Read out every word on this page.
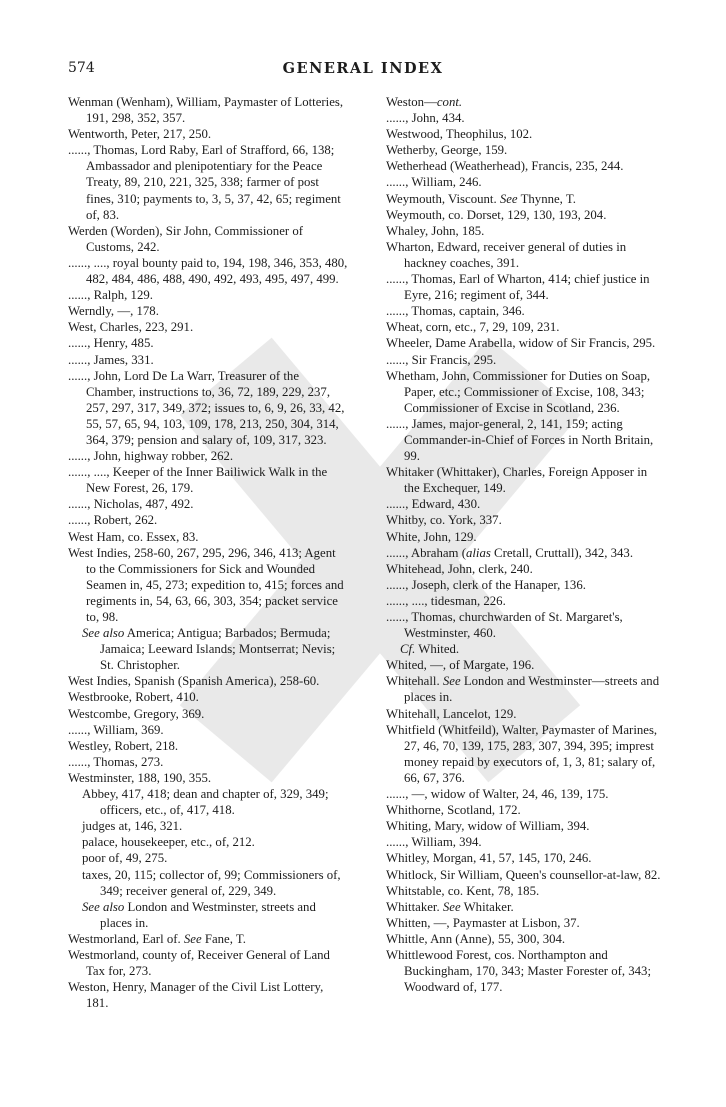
574	GENERAL INDEX

Wenman (Wenham), William, Paymaster of Lotteries, 191, 298, 352, 357.

Wentworth, Peter, 217, 250.

......, Thomas, Lord Raby, Earl of Strafford, 66, 138; Ambassador and plenipotentiary for the Peace Treaty, 89, 210, 221, 325, 338; farmer of post fines, 310; payments to, 3, 5, 37, 42, 65; regiment of, 83.

Werden (Worden), Sir John, Commissioner of Customs, 242.

......, ...., royal bounty paid to, 194, 198, 346, 353, 480, 482, 484, 486, 488, 490, 492, 493, 495, 497, 499.

......, Ralph, 129.

Werndly, —, 178.

West, Charles, 223, 291.

......, Henry, 485.

......, James, 331.

......, John, Lord De La Warr, Treasurer of the Chamber, instructions to, 36, 72, 189, 229, 237, 257, 297, 317, 349, 372; issues to, 6, 9, 26, 33, 42, 55, 57, 65, 94, 103, 109, 178, 213, 250, 304, 314, 364, 379; pension and salary of, 109, 317, 323.

......, John, highway robber, 262.

......, ...., Keeper of the Inner Bailiwick Walk in the New Forest, 26, 179.

......, Nicholas, 487, 492.

......, Robert, 262.

West Ham, co. Essex, 83.

West Indies, 258-60, 267, 295, 296, 346, 413; Agent to the Commissioners for Sick and Wounded Seamen in, 45, 273; expedition to, 415; forces and regiments in, 54, 63, 66, 303, 354; packet service to, 98.

See also America; Antigua; Barbados; Bermuda; Jamaica; Leeward Islands; Montserrat; Nevis; St. Christopher.

West Indies, Spanish (Spanish America), 258-60.

Westbrooke, Robert, 410.

Westcombe, Gregory, 369.

......, William, 369.

Westley, Robert, 218.

......, Thomas, 273.

Westminster, 188, 190, 355.

Abbey, 417, 418; dean and chapter of, 329, 349; officers, etc., of, 417, 418.

judges at, 146, 321.

palace, housekeeper, etc., of, 212.

poor of, 49, 275.

taxes, 20, 115; collector of, 99; Commissioners of, 349; receiver general of, 229, 349.

See also London and Westminster, streets and places in.

Westmorland, Earl of. See Fane, T.

Westmorland, county of, Receiver General of Land Tax for, 273.

Weston, Henry, Manager of the Civil List Lottery, 181.

Weston—cont.

......, John, 434.

Westwood, Theophilus, 102.

Wetherby, George, 159.

Wetherhead (Weatherhead), Francis, 235, 244.

......, William, 246.

Weymouth, Viscount. See Thynne, T.

Weymouth, co. Dorset, 129, 130, 193, 204.

Whaley, John, 185.

Wharton, Edward, receiver general of duties in hackney coaches, 391.

......, Thomas, Earl of Wharton, 414; chief justice in Eyre, 216; regiment of, 344.

......, Thomas, captain, 346.

Wheat, corn, etc., 7, 29, 109, 231.

Wheeler, Dame Arabella, widow of Sir Francis, 295.

......, Sir Francis, 295.

Whetham, John, Commissioner for Duties on Soap, Paper, etc.; Commissioner of Excise, 108, 343; Commissioner of Excise in Scotland, 236.

......, James, major-general, 2, 141, 159; acting Commander-in-Chief of Forces in North Britain, 99.

Whitaker (Whittaker), Charles, Foreign Apposer in the Exchequer, 149.

......, Edward, 430.

Whitby, co. York, 337.

White, John, 129.

......, Abraham (alias Cretall, Cruttall), 342, 343.

Whitehead, John, clerk, 240.

......, Joseph, clerk of the Hanaper, 136.

......, ...., tidesman, 226.

......, Thomas, churchwarden of St. Margaret's, Westminster, 460.

Cf. Whited.

Whited, —, of Margate, 196.

Whitehall. See London and Westminster—streets and places in.

Whitehall, Lancelot, 129.

Whitfield (Whitfeild), Walter, Paymaster of Marines, 27, 46, 70, 139, 175, 283, 307, 394, 395; imprest money repaid by executors of, 1, 3, 81; salary of, 66, 67, 376.

......, —, widow of Walter, 24, 46, 139, 175.

Whithorne, Scotland, 172.

Whiting, Mary, widow of William, 394.

......, William, 394.

Whitley, Morgan, 41, 57, 145, 170, 246.

Whitlock, Sir William, Queen's counsellor-at-law, 82.

Whitstable, co. Kent, 78, 185.

Whittaker. See Whitaker.

Whitten, —, Paymaster at Lisbon, 37.

Whittle, Ann (Anne), 55, 300, 304.

Whittlewood Forest, cos. Northampton and Buckingham, 170, 343; Master Forester of, 343; Woodward of, 177.
